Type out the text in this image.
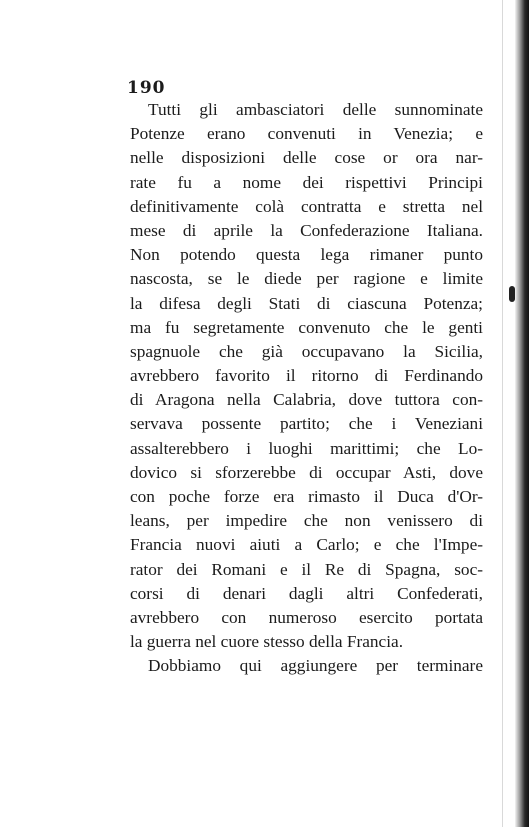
190
Tutti gli ambasciatori delle sunnominate
Potenze erano convenuti in Venezia; e
nelle disposizioni delle cose or ora nar-
rate fu a nome dei rispettivi Principi
definitivamente colà contratta e stretta nel
mese di aprile la Confederazione Italiana.
Non potendo questa lega rimaner punto
nascosta, se le diede per ragione e limite
la difesa degli Stati di ciascuna Potenza;
ma fu segretamente convenuto che le genti
spagnuole che già occupavano la Sicilia,
avrebbero favorito il ritorno di Ferdinando
di Aragona nella Calabria, dove tuttora con-
servava possente partito; che i Veneziani
assalterebbero i luoghi marittimi; che Lo-
dovico si sforzerebbe di occupar Asti, dove
con poche forze era rimasto il Duca d'Or-
leans, per impedire che non venissero di
Francia nuovi aiuti a Carlo; e che l'Impe-
rator dei Romani e il Re di Spagna, soc-
corsi di denari dagli altri Confederati,
avrebbero con numeroso esercito portata
la guerra nel cuore stesso della Francia.
Dobbiamo qui aggiungere per terminare
